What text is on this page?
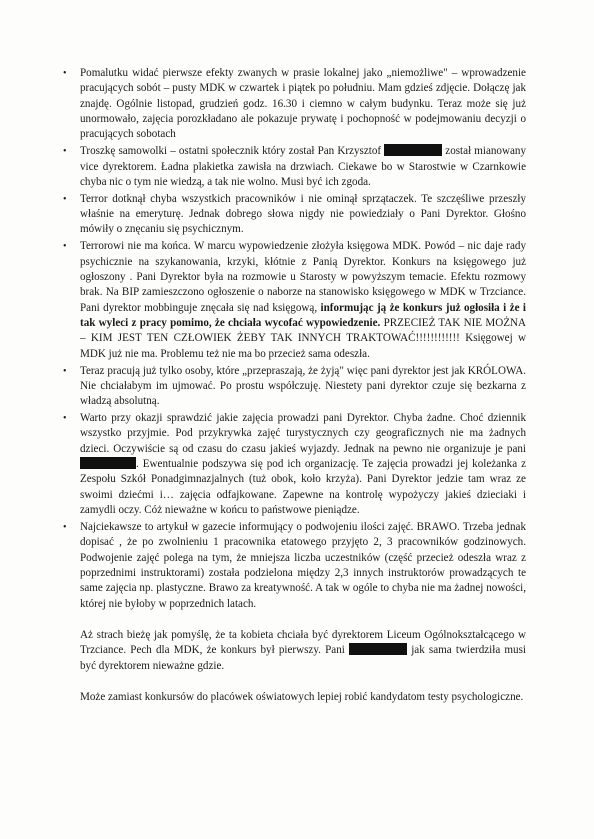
• Pomalutku widać pierwsze efekty zwanych w prasie lokalnej jako „niemożliwe" – wprowadzenie pracujących sobót – pusty MDK w czwartek i piątek po południu. Mam gdzieś zdjęcie. Dołączę jak znajdę. Ogólnie listopad, grudzień godz. 16.30 i ciemno w całym budynku. Teraz może się już unormowało, zajęcia porozkładano ale pokazuje prywatę i pochopność w podejmowaniu decyzji o pracujących sobotach
• Troszkę samowolki – ostatni społecznik który został Pan Krzysztof	został mianowany vice dyrektorem. Ładna plakietka zawisła na drzwiach. Ciekawe bo w Starostwie w Czarnkowie chyba nic o tym nie wiedzą, a tak nie wolno. Musi być ich zgoda.
• Terror dotknął chyba wszystkich pracowników i nie ominął sprzątaczek. Te szczęśliwe przeszły właśnie na emeryturę. Jednak dobrego słowa nigdy nie powiedziały o Pani Dyrektor. Głośno mówiły o znęcaniu się psychicznym.
• Terrorowi nie ma końca. W marcu wypowiedzenie złożyła księgowa MDK. Powód – nic daje rady psychicznie na szykanowania, krzyki, kłótnie z Panią Dyrektor. Konkurs na księgowego już ogłoszony . Pani Dyrektor była na rozmowie u Starosty w powyższym temacie. Efektu rozmowy brak. Na BIP zamieszczono ogłoszenie o naborze na stanowisko księgowego w MDK w Trzciance. Pani dyrektor mobbinguje znęcała się nad księgową, informując ją że konkurs już ogłosiła i że i tak wyleci z pracy pomimo, że chciała wycofać wypowiedzenie. PRZECIEŻ TAK NIE MOŻNA – KIM JEST TEN CZŁOWIEK ŻEBY TAK INNYCH TRAKTOWAĆ!!!!!!!!!!!! Księgowej w MDK już nie ma. Problemu też nie ma bo przecież sama odeszła.
• Teraz pracują już tylko osoby, które „przepraszają, że żyją" więc pani dyrektor jest jak KRÓLOWA. Nie chciałabym im ujmować. Po prostu współczuję. Niestety pani dyrektor czuje się bezkarna z władzą absolutną.
• Warto przy okazji sprawdzić jakie zajęcia prowadzi pani Dyrektor. Chyba żadne. Choć dziennik wszystko przyjmie. Pod przykrywka zajęć turystycznych czy geograficznych nie ma żadnych dzieci. Oczywiście są od czasu do czasu jakieś wyjazdy. Jednak na pewno nie organizuje je pani . Ewentualnie podszywa się pod ich organizację. Te zajęcia prowadzi jej koleżanka z Zespołu Szkół Ponadgimnazjalnych (tuż obok, koło krzyża). Pani Dyrektor jedzie tam wraz ze swoimi dziećmi i… zajęcia odfajkowane. Zapewne na kontrolę wypożyczy jakieś dzieciaki i zamydli oczy. Cóż nieważne w końcu to państwowe pieniądze.
• Najciekawsze to artykuł w gazecie informujący o podwojeniu ilości zajęć. BRAWO. Trzeba jednak dopisać , że po zwolnieniu 1 pracownika etatowego przyjęto 2, 3 pracowników godzinowych. Podwojenie zajęć polega na tym, że mniejsza liczba uczestników (część przecież odeszła wraz z poprzednimi instruktorami) została podzielona między 2,3 innych instruktorów prowadzących te same zajęcia np. plastyczne. Brawo za kreatywność. A tak w ogóle to chyba nie ma żadnej nowości, której nie byłoby w poprzednich latach.

Aż strach bieżę jak pomyślę, że ta kobieta chciała być dyrektorem Liceum Ogólnokształcącego w Trzciance. Pech dla MDK, że konkurs był pierwszy. Pani	jak sama twierdziła musi być dyrektorem nieważne gdzie.

Może zamiast konkursów do placówek oświatowych lepiej robić kandydatom testy psychologiczne.
